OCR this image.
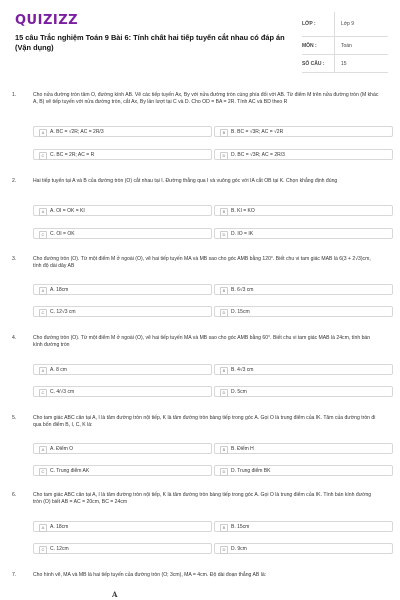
QUIZIZZ
15 câu Trắc nghiệm Toán 9 Bài 6: Tính chất hai tiếp tuyến cắt nhau có đáp án (Vận dụng)
LỚP :	Lớp 9
MÔN :	Toán
SỐ CÂU :	15
1.	Cho nửa đường tròn tâm O, đường kính AB. Vẽ các tiếp tuyến Ax, By với nửa đường tròn cùng phía đối với AB. Từ điểm M trên nửa đường tròn (M khác A, B) vẽ tiếp tuyến với nửa đường tròn, cắt Ax, By lần lượt tại C và D. Cho OD = BA = 2R. Tính AC và BD theo R
A	A. BC = √2R; AC = 2R/3	B	B. BC = √3R; AC = √2R
C	C. BC = 2R; AC = R	D	D. BC = √3R; AC = 2R/3
2.	Hai tiếp tuyến tại A và B của đường tròn (O) cắt nhau tại I. Đường thẳng qua I và vuông góc với IA cắt OB tại K. Chọn khẳng định đúng
A	A. OI = OK = KI	B	B. KI = KO
C	C. OI = OK	D	D. IO = IK
3.	Cho đường tròn (O). Từ một điểm M ở ngoài (O), vẽ hai tiếp tuyến MA và MB sao cho góc AMB bằng 120°. Biết chu vi tam giác MAB là 6(3 + 2√3)cm, tính độ dài dây AB
A	A. 18cm	B	B. 6√3 cm
C	C. 12√3 cm	D	D. 15cm
4.	Cho đường tròn (O). Từ một điểm M ở ngoài (O), vẽ hai tiếp tuyến MA và MB sao cho góc AMB bằng 60°. Biết chu vi tam giác MAB là 24cm, tính bán kính đường tròn
A	A. 8 cm	B	B. 4√3 cm
C	C. 4/√3 cm	D	D. 5cm
5.	Cho tam giác ABC cân tại A, I là tâm đường tròn nội tiếp, K là tâm đường tròn bàng tiếp trong góc A. Gọi O là trung điểm của IK. Tâm của đường tròn đi qua bốn điểm B, I, C, K là:
A	A. Điểm O	B	B. Điểm H
C	C. Trung điểm AK	D	D. Trung điểm BK
6.	Cho tam giác ABC cân tại A, I là tâm đường tròn nội tiếp, K là tâm đường tròn bàng tiếp trong góc A. Gọi O là trung điểm của IK. Tính bán kính đường tròn (O) biết AB = AC = 20cm, BC = 24cm
A	A. 18cm	B	B. 15cm
C	C. 12cm	D	D. 9cm
7.	Cho hình vẽ, MA và MB là hai tiếp tuyến của đường tròn (O; 3cm), MA = 4cm. Độ dài đoạn thẳng AB là:
A
